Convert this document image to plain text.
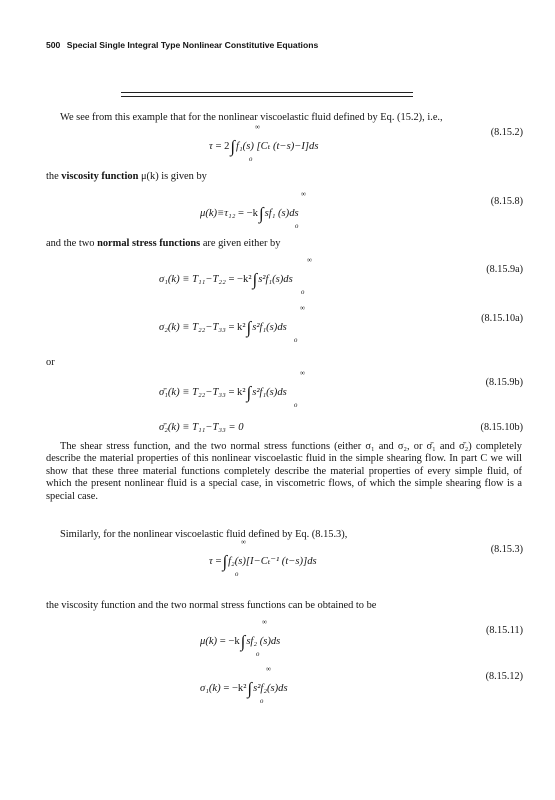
500 Special Single Integral Type Nonlinear Constitutive Equations
We see from this example that for the nonlinear viscoelastic fluid defined by Eq. (15.2), i.e.,
τ = 2∫f₁(s) [Cₜ (t−s)−I]ds
∞
o
(8.15.2)
the viscosity function μ(k) is given by
μ(k)≡τ₁₂ = −k∫sf₁ (s)ds
∞
o
(8.15.8)
and the two normal stress functions are given either by
σ₁(k) ≡ T₁₁−T₂₂ = −k²∫s²f₁(s)ds
∞
o
(8.15.9a)
σ₂(k) ≡ T₂₂−T₃₃ = k²∫s²f₁(s)ds
∞
o
(8.15.10a)
or
σ̄₁(k) ≡ T₂₂−T₃₃ = k²∫s²f₁(s)ds
∞
o
(8.15.9b)
σ̄₂(k) ≡ T₁₁−T₃₃ = 0	(8.15.10b)
The shear stress function, and the two normal stress functions (either σ₁ and σ₂, or σ̄₁ and σ̄₂) completely describe the material properties of this nonlinear viscoelastic fluid in the simple shearing flow. In part C we will show that these three material functions completely describe the material properties of every simple fluid, of which the present nonlinear fluid is a special case, in viscometric flows, of which the simple shearing flow is a special case.
Similarly, for the nonlinear viscoelastic fluid defined by Eq. (8.15.3),
τ =∫f₂(s)[I−Cₜ⁻¹ (t−s)]ds
∞
o
(8.15.3)
the viscosity function and the two normal stress functions can be obtained to be
μ(k) = −k∫sf₂ (s)ds
∞
o
(8.15.11)
σ₁(k) = −k²∫s²f₂(s)ds
∞
o
(8.15.12)
